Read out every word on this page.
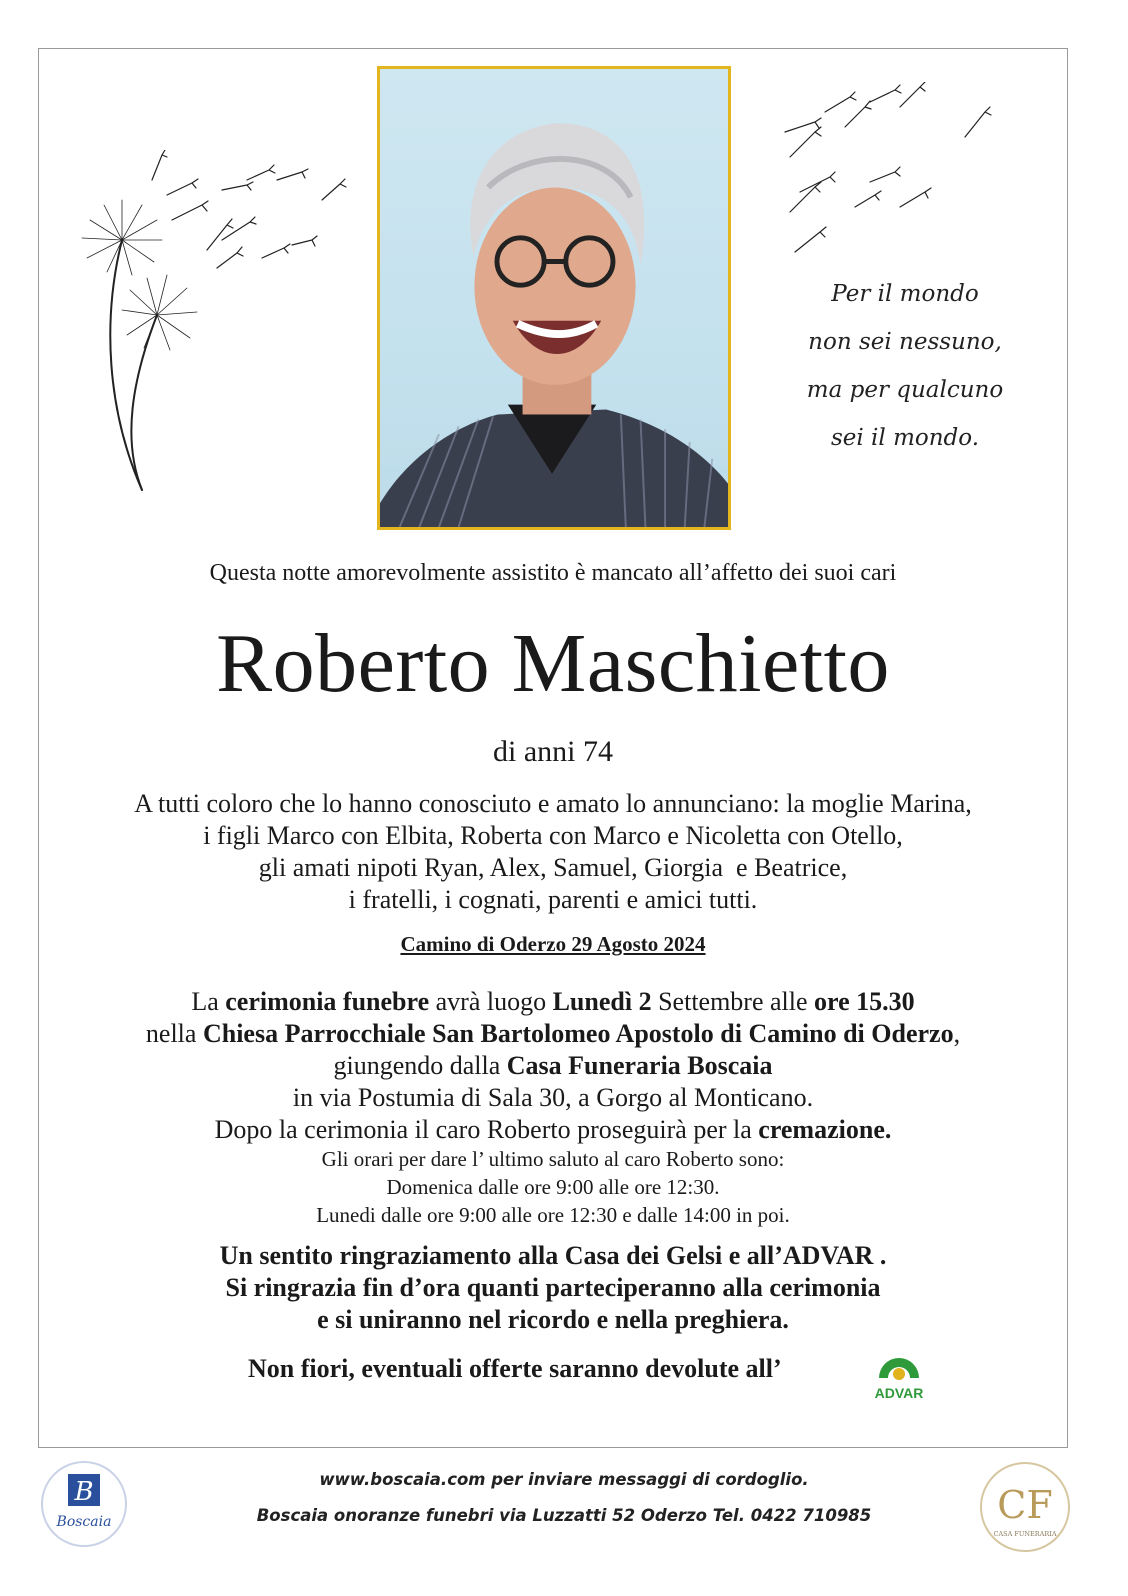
Per il mondo
non sei nessuno,
ma per qualcuno
sei il mondo.
Questa notte amorevolmente assistito è mancato all’affetto dei suoi cari
Roberto Maschietto
di anni 74
A tutti coloro che lo hanno conosciuto e amato lo annunciano: la moglie Marina,
i figli Marco con Elbita, Roberta con Marco e Nicoletta con Otello,
gli amati nipoti Ryan, Alex, Samuel, Giorgia  e Beatrice,
i fratelli, i cognati, parenti e amici tutti.
Camino di Oderzo 29 Agosto 2024
La cerimonia funebre avrà luogo Lunedì 2 Settembre alle ore 15.30
nella Chiesa Parrocchiale San Bartolomeo Apostolo di Camino di Oderzo,
giungendo dalla Casa Funeraria Boscaia
in via Postumia di Sala 30, a Gorgo al Monticano.
Dopo la cerimonia il caro Roberto proseguirà per la cremazione.
Gli orari per dare l’ ultimo saluto al caro Roberto sono:
Domenica dalle ore 9:00 alle ore 12:30.
Lunedi dalle ore 9:00 alle ore 12:30 e dalle 14:00 in poi.
Un sentito ringraziamento alla Casa dei Gelsi e all’ADVAR .
Si ringrazia fin d’ora quanti parteciperanno alla cerimonia
e si uniranno nel ricordo e nella preghiera.
Non fiori, eventuali offerte saranno devolute all’
ADVAR
B
Boscaia	CF
CASA FUNERARIA
www.boscaia.com per inviare messaggi di cordoglio.
Boscaia onoranze funebri via Luzzatti 52 Oderzo Tel. 0422 710985
